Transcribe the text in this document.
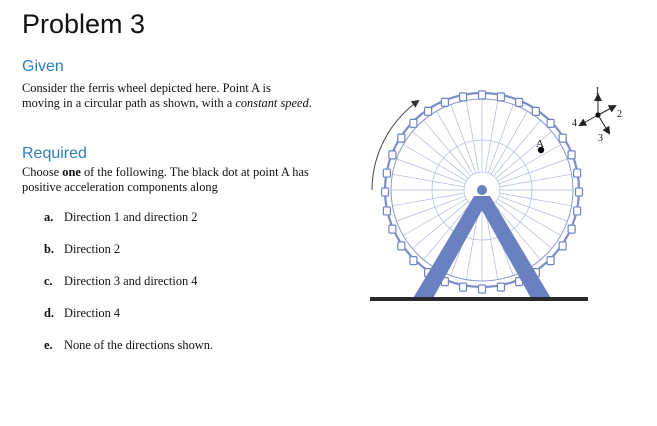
Problem 3
Given
Consider the ferris wheel depicted here. Point A is
moving in a circular path as shown, with a constant speed.
Required
Choose one of the following. The black dot at point A has
positive acceleration components along
a. Direction 1 and direction 2
b. Direction 2
c. Direction 3 and direction 4
d. Direction 4
e. None of the directions shown.
A
1
2
3
4
